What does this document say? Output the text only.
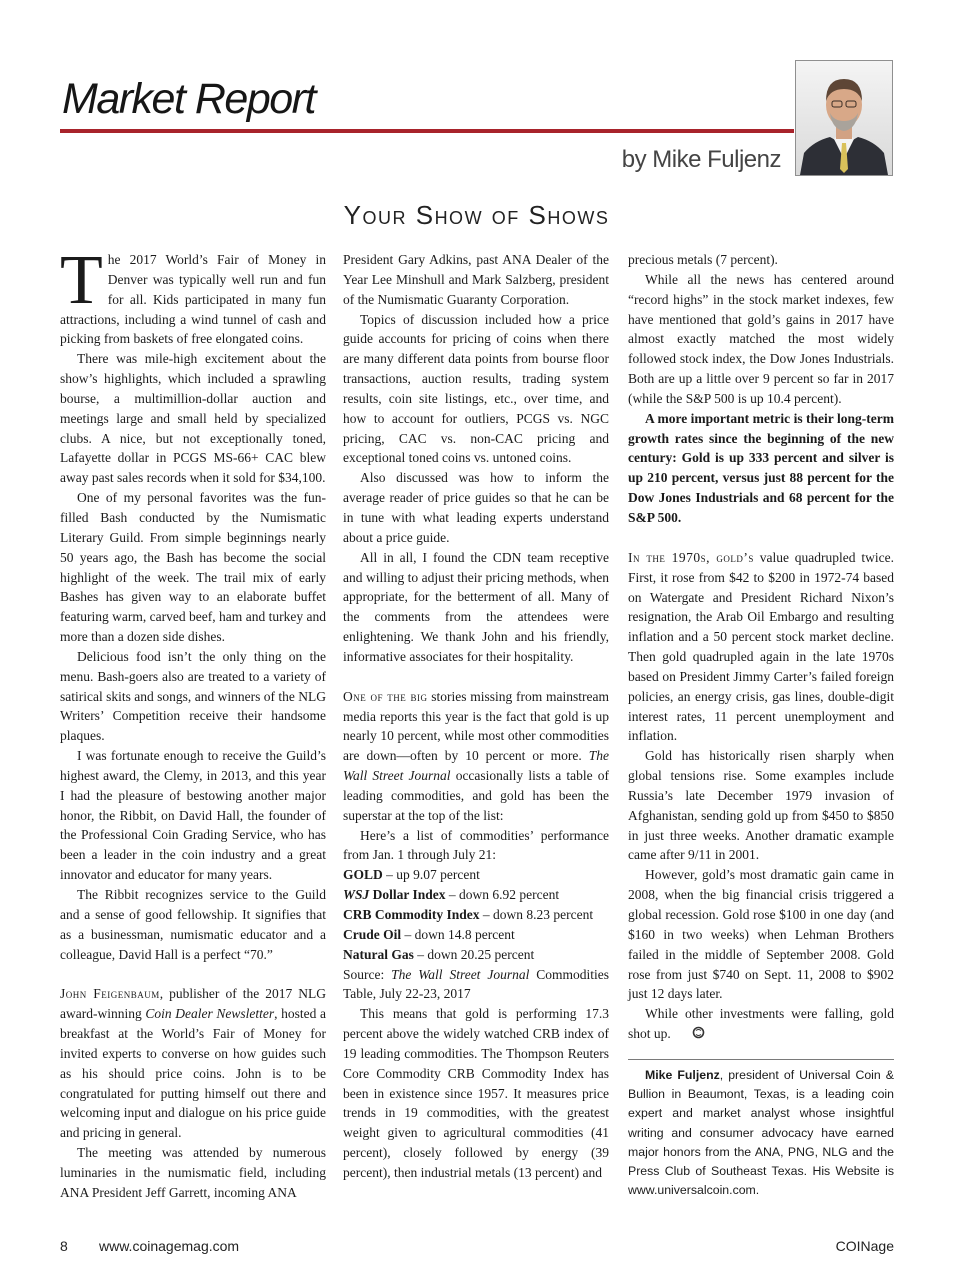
Market Report

by Mike Fuljenz

Your Show of Shows

The 2017 World’s Fair of Money in Denver was typically well run and fun for all. Kids participated in many fun attractions, including a wind tunnel of cash and picking from baskets of free elongated coins.

There was mile-high excitement about the show’s highlights, which included a sprawling bourse, a multimillion-dollar auction and meetings large and small held by specialized clubs. A nice, but not exceptionally toned, Lafayette dollar in PCGS MS-66+ CAC blew away past sales records when it sold for $34,100.

One of my personal favorites was the fun-filled Bash conducted by the Numismatic Literary Guild. From simple beginnings nearly 50 years ago, the Bash has become the social highlight of the week. The trail mix of early Bashes has given way to an elaborate buffet featuring warm, carved beef, ham and turkey and more than a dozen side dishes.

Delicious food isn’t the only thing on the menu. Bash-goers also are treated to a variety of satirical skits and songs, and winners of the NLG Writers’ Competition receive their handsome plaques.

I was fortunate enough to receive the Guild’s highest award, the Clemy, in 2013, and this year I had the pleasure of bestowing another major honor, the Ribbit, on David Hall, the founder of the Professional Coin Grading Service, who has been a leader in the coin industry and a great innovator and educator for many years.

The Ribbit recognizes service to the Guild and a sense of good fellowship. It signifies that as a businessman, numismatic educator and a colleague, David Hall is a perfect “70.”

John Feigenbaum, publisher of the 2017 NLG award-winning Coin Dealer Newsletter, hosted a breakfast at the World’s Fair of Money for invited experts to converse on how guides such as his should price coins. John is to be congratulated for putting himself out there and welcoming input and dialogue on his price guide and pricing in general.

The meeting was attended by numerous luminaries in the numismatic field, including ANA President Jeff Garrett, incoming ANA

President Gary Adkins, past ANA Dealer of the Year Lee Minshull and Mark Salzberg, president of the Numismatic Guaranty Corporation.

Topics of discussion included how a price guide accounts for pricing of coins when there are many different data points from bourse floor transactions, auction results, trading system results, coin site listings, etc., over time, and how to account for outliers, PCGS vs. NGC pricing, CAC vs. non-CAC pricing and exceptional toned coins vs. untoned coins.

Also discussed was how to inform the average reader of price guides so that he can be in tune with what leading experts understand about a price guide.

All in all, I found the CDN team receptive and willing to adjust their pricing methods, when appropriate, for the betterment of all. Many of the comments from the attendees were enlightening. We thank John and his friendly, informative associates for their hospitality.

One of the big stories missing from mainstream media reports this year is the fact that gold is up nearly 10 percent, while most other commodities are down—often by 10 percent or more. The Wall Street Journal occasionally lists a table of leading commodities, and gold has been the superstar at the top of the list:

Here’s a list of commodities’ performance from Jan. 1 through July 21:

GOLD – up 9.07 percent

WSJ Dollar Index – down 6.92 percent

CRB Commodity Index – down 8.23 percent

Crude Oil – down 14.8 percent

Natural Gas – down 20.25 percent

Source: The Wall Street Journal Commodities Table, July 22-23, 2017

This means that gold is performing 17.3 percent above the widely watched CRB index of 19 leading commodities. The Thompson Reuters Core Commodity CRB Commodity Index has been in existence since 1957. It measures price trends in 19 commodities, with the greatest weight given to agricultural commodities (41 percent), closely followed by energy (39 percent), then industrial metals (13 percent) and

precious metals (7 percent).

While all the news has centered around “record highs” in the stock market indexes, few have mentioned that gold’s gains in 2017 have almost exactly matched the most widely followed stock index, the Dow Jones Industrials. Both are up a little over 9 percent so far in 2017 (while the S&P 500 is up 10.4 percent).

A more important metric is their long-term growth rates since the beginning of the new century: Gold is up 333 percent and silver is up 210 percent, versus just 88 percent for the Dow Jones Industrials and 68 percent for the S&P 500.

In the 1970s, gold’s value quadrupled twice. First, it rose from $42 to $200 in 1972-74 based on Watergate and President Richard Nixon’s resignation, the Arab Oil Embargo and resulting inflation and a 50 percent stock market decline. Then gold quadrupled again in the late 1970s based on President Jimmy Carter’s failed foreign policies, an energy crisis, gas lines, double-digit interest rates, 11 percent unemployment and inflation.

Gold has historically risen sharply when global tensions rise. Some examples include Russia’s late December 1979 invasion of Afghanistan, sending gold up from $450 to $850 in just three weeks. Another dramatic example came after 9/11 in 2001.

However, gold’s most dramatic gain came in 2008, when the big financial crisis triggered a global recession. Gold rose $100 in one day (and $160 in two weeks) when Lehman Brothers failed in the middle of September 2008. Gold rose from just $740 on Sept. 11, 2008 to $902 just 12 days later.

While other investments were falling, gold shot up.

Mike Fuljenz, president of Universal Coin & Bullion in Beaumont, Texas, is a leading coin expert and market analyst whose insightful writing and consumer advocacy have earned major honors from the ANA, PNG, NLG and the Press Club of Southeast Texas. His Website is www.universalcoin.com.

8 www.coinagemag.com	COINage
